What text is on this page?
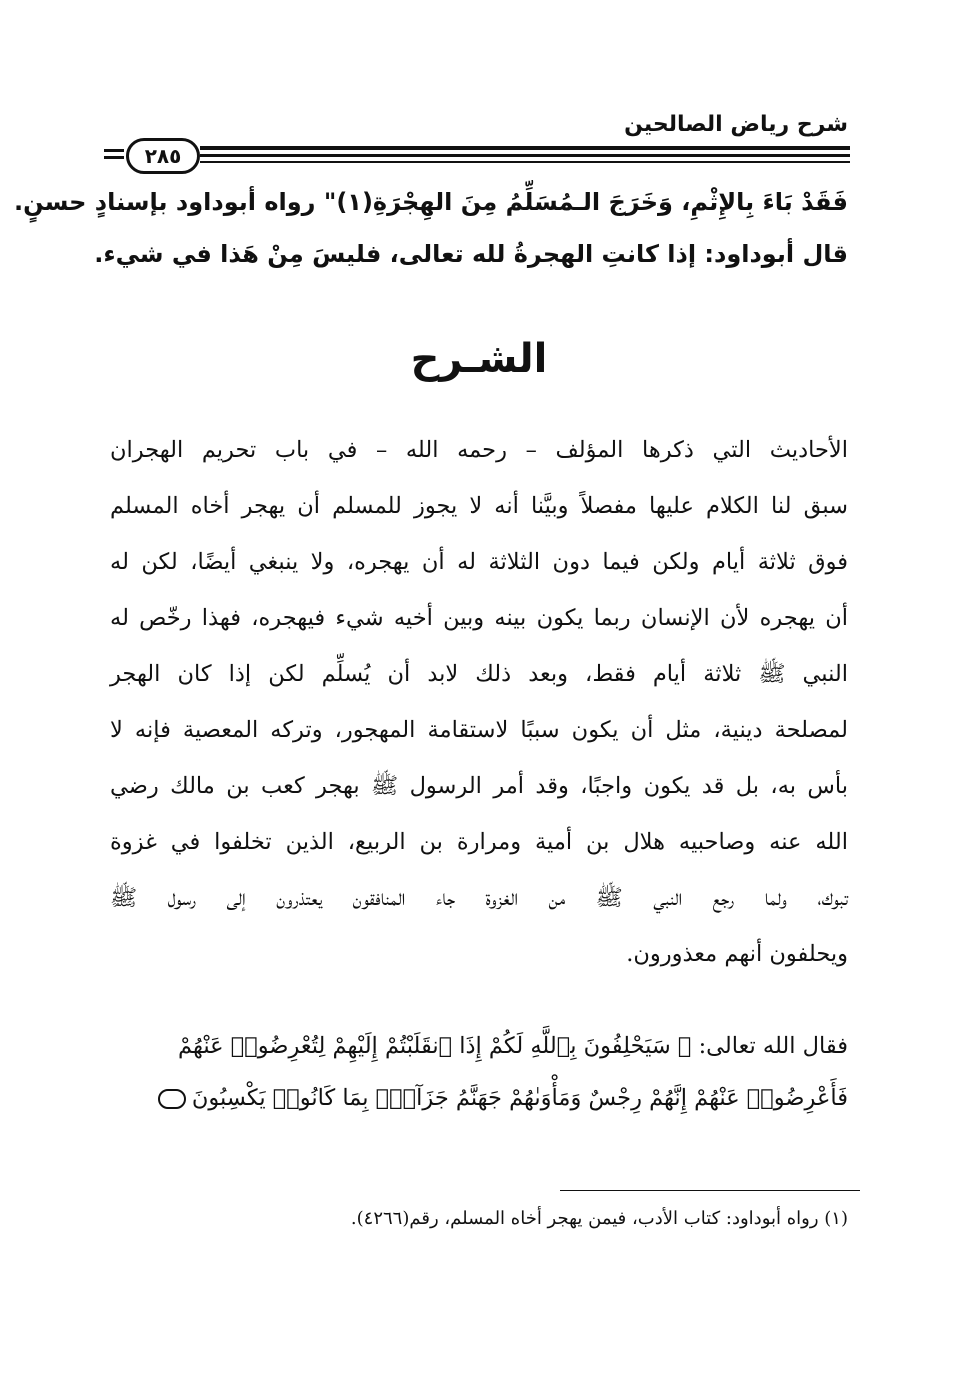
شرح رياض الصالحين
٢٨٥
فَقَدْ بَاءَ بِالإِثْمِ، وَخَرَجَ الـمُسَلِّمُ مِنَ الهِجْرَةِ(١)" رواه أبوداود بإسنادٍ حسنٍ.
قال أبوداود: إذا كانتِ الهجرةُ لله تعالى، فليسَ مِنْ هَذا في شيء.
الشـرح
الأحاديث التي ذكرها المؤلف – رحمه الله – في باب تحريم الهجران
سبق لنا الكلام عليها مفصلاً وبيَّنا أنه لا يجوز للمسلم أن يهجر أخاه المسلم
فوق ثلاثة أيام ولكن فيما دون الثلاثة له أن يهجره، ولا ينبغي أيضًا، لكن له
أن يهجره لأن الإنسان ربما يكون بينه وبين أخيه شيء فيهجره، فهذا رخّص له
النبي ﷺ ثلاثة أيام فقط، وبعد ذلك لابد أن يُسلِّم لكن إذا كان الهجر
لمصلحة دينية، مثل أن يكون سببًا لاستقامة المهجور، وتركه المعصية فإنه لا
بأس به، بل قد يكون واجبًا، وقد أمر الرسول ﷺ بهجر كعب بن مالك رضي
الله عنه وصاحبيه هلال بن أمية ومرارة بن الربيع، الذين تخلفوا في غزوة
تبوك، ولما رجع النبي ﷺ من الغزوة جاء المنافقون يعتذرون إلى رسول ﷺ
ويحلفون أنهم معذورون.
فقال الله تعالى: ﴿ سَيَحْلِفُونَ بِٱللَّهِ لَكُمْ إِذَا ٱنقَلَبْتُمْ إِلَيْهِمْ لِتُعْرِضُوا۟ عَنْهُمْ
فَأَعْرِضُوا۟ عَنْهُمْ إِنَّهُمْ رِجْسٌ وَمَأْوَىٰهُمْ جَهَنَّمُ جَزَآءًۢ بِمَا كَانُوا۟ يَكْسِبُونَ
(١) رواه أبوداود: كتاب الأدب، فيمن يهجر أخاه المسلم، رقم(٤٢٦٦).
